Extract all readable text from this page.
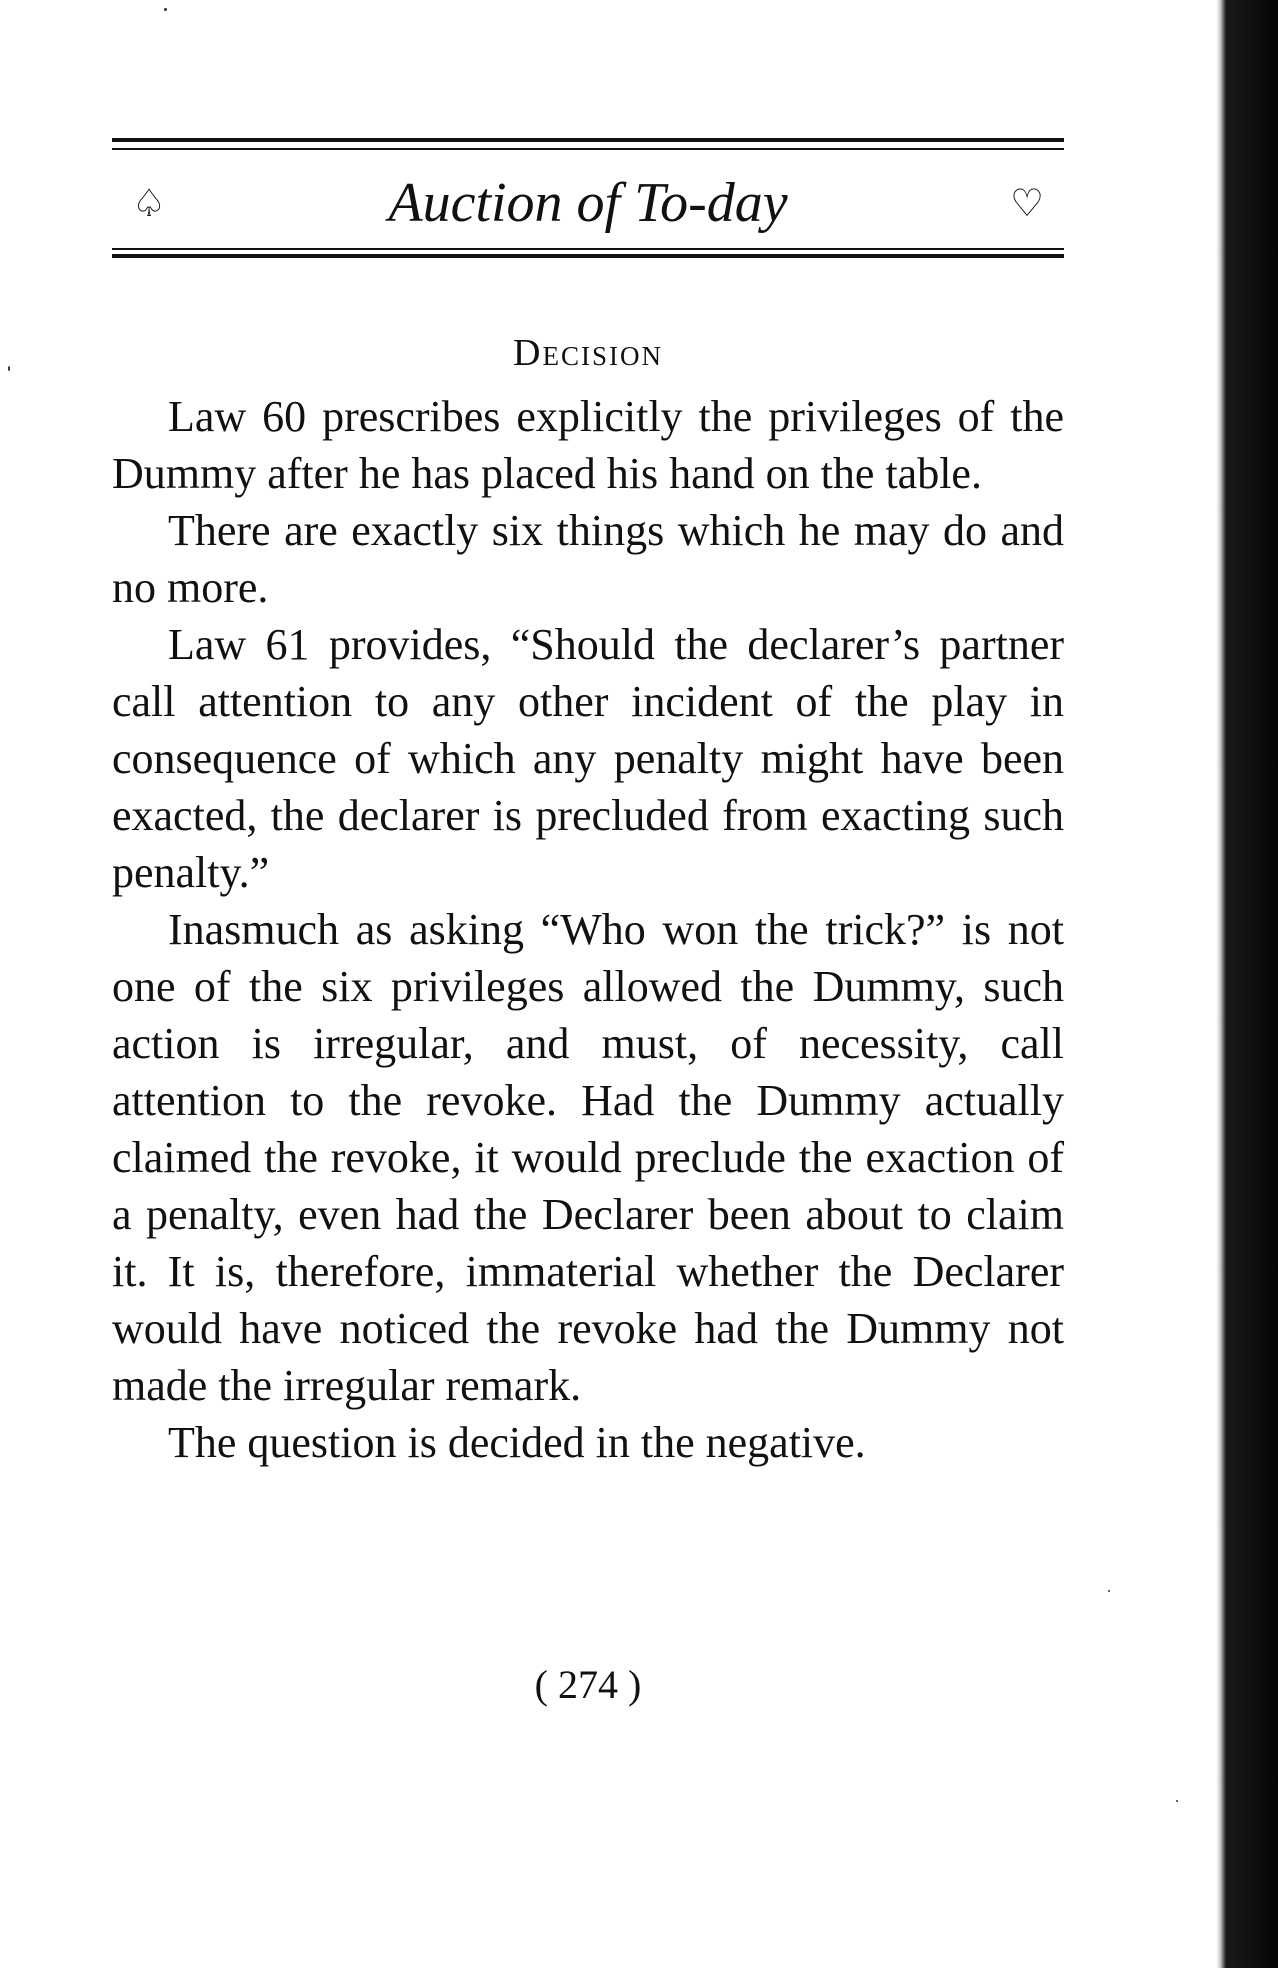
♤	Auction of To-day	♡
Decision

Law 60 prescribes explicitly the privileges of the Dummy after he has placed his hand on the table.

There are exactly six things which he may do and no more.

Law 61 provides, “Should the declarer’s partner call attention to any other incident of the play in consequence of which any penalty might have been exacted, the declarer is precluded from exacting such penalty.”

Inasmuch as asking “Who won the trick?” is not one of the six privileges allowed the Dummy, such action is irregular, and must, of necessity, call attention to the revoke. Had the Dummy actually claimed the revoke, it would preclude the exaction of a penalty, even had the Declarer been about to claim it. It is, therefore, immaterial whether the Declarer would have noticed the revoke had the Dummy not made the irregular remark.

The question is decided in the negative.

( 274 )
